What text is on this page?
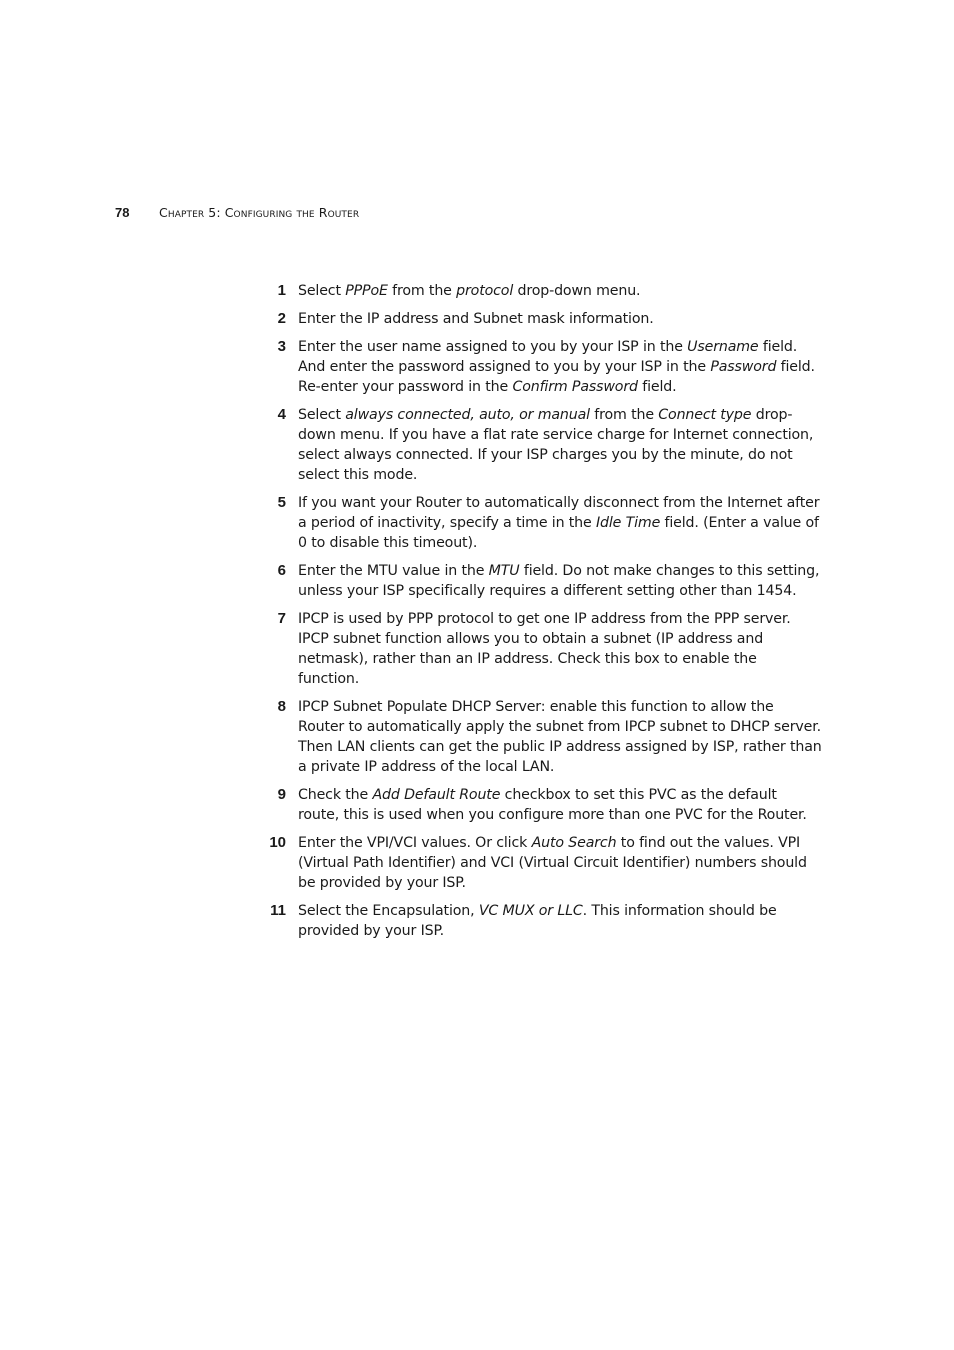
78	Chapter 5: Configuring the Router
1 Select PPPoE from the protocol drop-down menu.
2 Enter the IP address and Subnet mask information.
3 Enter the user name assigned to you by your ISP in the Username field. And enter the password assigned to you by your ISP in the Password field. Re-enter your password in the Confirm Password field.
4 Select always connected, auto, or manual from the Connect type drop-down menu. If you have a flat rate service charge for Internet connection, select always connected. If your ISP charges you by the minute, do not select this mode.
5 If you want your Router to automatically disconnect from the Internet after a period of inactivity, specify a time in the Idle Time field. (Enter a value of 0 to disable this timeout).
6 Enter the MTU value in the MTU field. Do not make changes to this setting, unless your ISP specifically requires a different setting other than 1454.
7 IPCP is used by PPP protocol to get one IP address from the PPP server. IPCP subnet function allows you to obtain a subnet (IP address and netmask), rather than an IP address. Check this box to enable the function.
8 IPCP Subnet Populate DHCP Server: enable this function to allow the Router to automatically apply the subnet from IPCP subnet to DHCP server. Then LAN clients can get the public IP address assigned by ISP, rather than a private IP address of the local LAN.
9 Check the Add Default Route checkbox to set this PVC as the default route, this is used when you configure more than one PVC for the Router.
10 Enter the VPI/VCI values. Or click Auto Search to find out the values. VPI (Virtual Path Identifier) and VCI (Virtual Circuit Identifier) numbers should be provided by your ISP.
11 Select the Encapsulation, VC MUX or LLC. This information should be provided by your ISP.
